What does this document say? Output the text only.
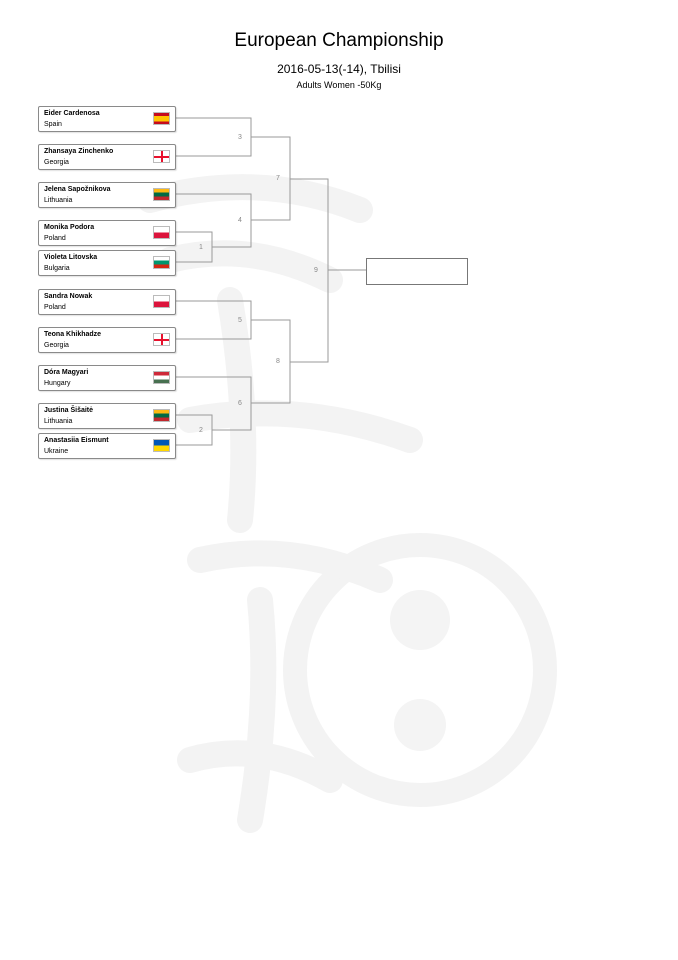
European Championship
2016-05-13(-14), Tbilisi
Adults Women -50Kg
3
1
4
7
5
2
6
8
9
Eider Cardenosa
Spain
Zhansaya Zinchenko
Georgia
Jelena Sapožnikova
Lithuania
Monika Podora
Poland
Violeta Litovska
Bulgaria
Sandra Nowak
Poland
Teona Khikhadze
Georgia
Dóra Magyari
Hungary
Justina Šišaitė
Lithuania
Anastasiia Eismunt
Ukraine
